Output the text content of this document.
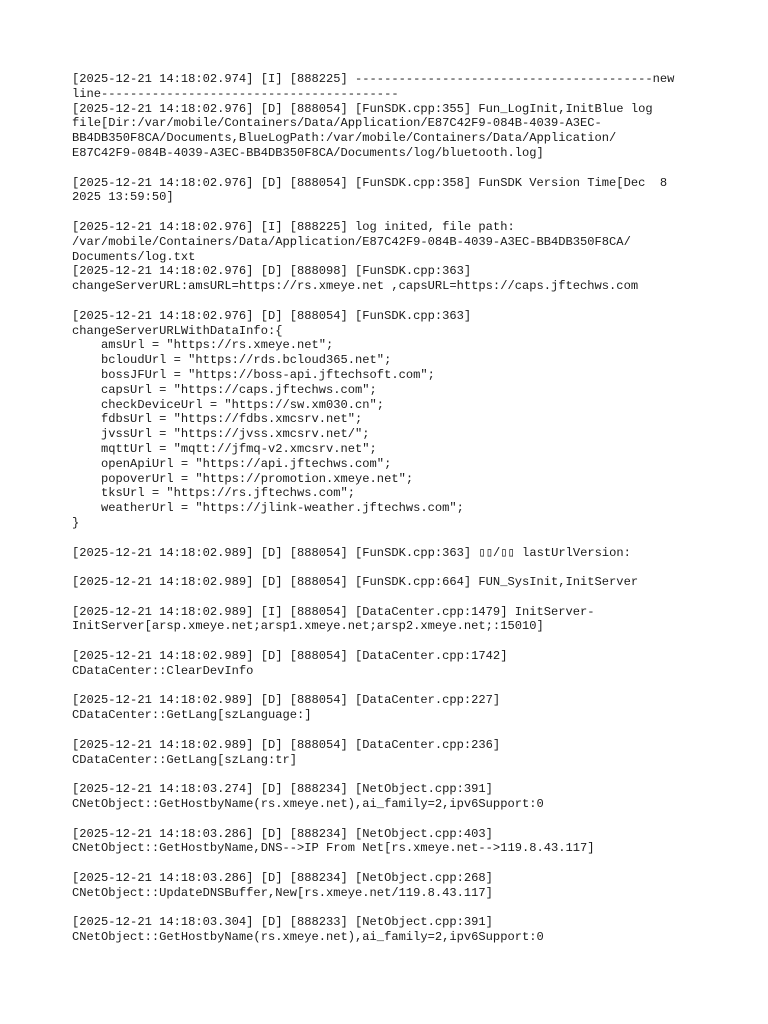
[2025-12-21 14:18:02.974] [I] [888225] -----------------------------------------new
line-----------------------------------------
[2025-12-21 14:18:02.976] [D] [888054] [FunSDK.cpp:355] Fun_LogInit,InitBlue log
file[Dir:/var/mobile/Containers/Data/Application/E87C42F9-084B-4039-A3EC-
BB4DB350F8CA/Documents,BlueLogPath:/var/mobile/Containers/Data/Application/
E87C42F9-084B-4039-A3EC-BB4DB350F8CA/Documents/log/bluetooth.log]
[2025-12-21 14:18:02.976] [D] [888054] [FunSDK.cpp:358] FunSDK Version Time[Dec  8
2025 13:59:50]
[2025-12-21 14:18:02.976] [I] [888225] log inited, file path:
/var/mobile/Containers/Data/Application/E87C42F9-084B-4039-A3EC-BB4DB350F8CA/
Documents/log.txt
[2025-12-21 14:18:02.976] [D] [888098] [FunSDK.cpp:363]
changeServerURL:amsURL=https://rs.xmeye.net ,capsURL=https://caps.jftechws.com
[2025-12-21 14:18:02.976] [D] [888054] [FunSDK.cpp:363]
changeServerURLWithDataInfo:{
amsUrl = "https://rs.xmeye.net";
bcloudUrl = "https://rds.bcloud365.net";
bossJFUrl = "https://boss-api.jftechsoft.com";
capsUrl = "https://caps.jftechws.com";
checkDeviceUrl = "https://sw.xm030.cn";
fdbsUrl = "https://fdbs.xmcsrv.net";
jvssUrl = "https://jvss.xmcsrv.net/";
mqttUrl = "mqtt://jfmq-v2.xmcsrv.net";
openApiUrl = "https://api.jftechws.com";
popoverUrl = "https://promotion.xmeye.net";
tksUrl = "https://rs.jftechws.com";
weatherUrl = "https://jlink-weather.jftechws.com";
}
[2025-12-21 14:18:02.989] [D] [888054] [FunSDK.cpp:363] ▯▯/▯▯ lastUrlVersion:
[2025-12-21 14:18:02.989] [D] [888054] [FunSDK.cpp:664] FUN_SysInit,InitServer
[2025-12-21 14:18:02.989] [I] [888054] [DataCenter.cpp:1479] InitServer-
InitServer[arsp.xmeye.net;arsp1.xmeye.net;arsp2.xmeye.net;:15010]
[2025-12-21 14:18:02.989] [D] [888054] [DataCenter.cpp:1742]
CDataCenter::ClearDevInfo
[2025-12-21 14:18:02.989] [D] [888054] [DataCenter.cpp:227]
CDataCenter::GetLang[szLanguage:]
[2025-12-21 14:18:02.989] [D] [888054] [DataCenter.cpp:236]
CDataCenter::GetLang[szLang:tr]
[2025-12-21 14:18:03.274] [D] [888234] [NetObject.cpp:391]
CNetObject::GetHostbyName(rs.xmeye.net),ai_family=2,ipv6Support:0
[2025-12-21 14:18:03.286] [D] [888234] [NetObject.cpp:403]
CNetObject::GetHostbyName,DNS-->IP From Net[rs.xmeye.net-->119.8.43.117]
[2025-12-21 14:18:03.286] [D] [888234] [NetObject.cpp:268]
CNetObject::UpdateDNSBuffer,New[rs.xmeye.net/119.8.43.117]
[2025-12-21 14:18:03.304] [D] [888233] [NetObject.cpp:391]
CNetObject::GetHostbyName(rs.xmeye.net),ai_family=2,ipv6Support:0
